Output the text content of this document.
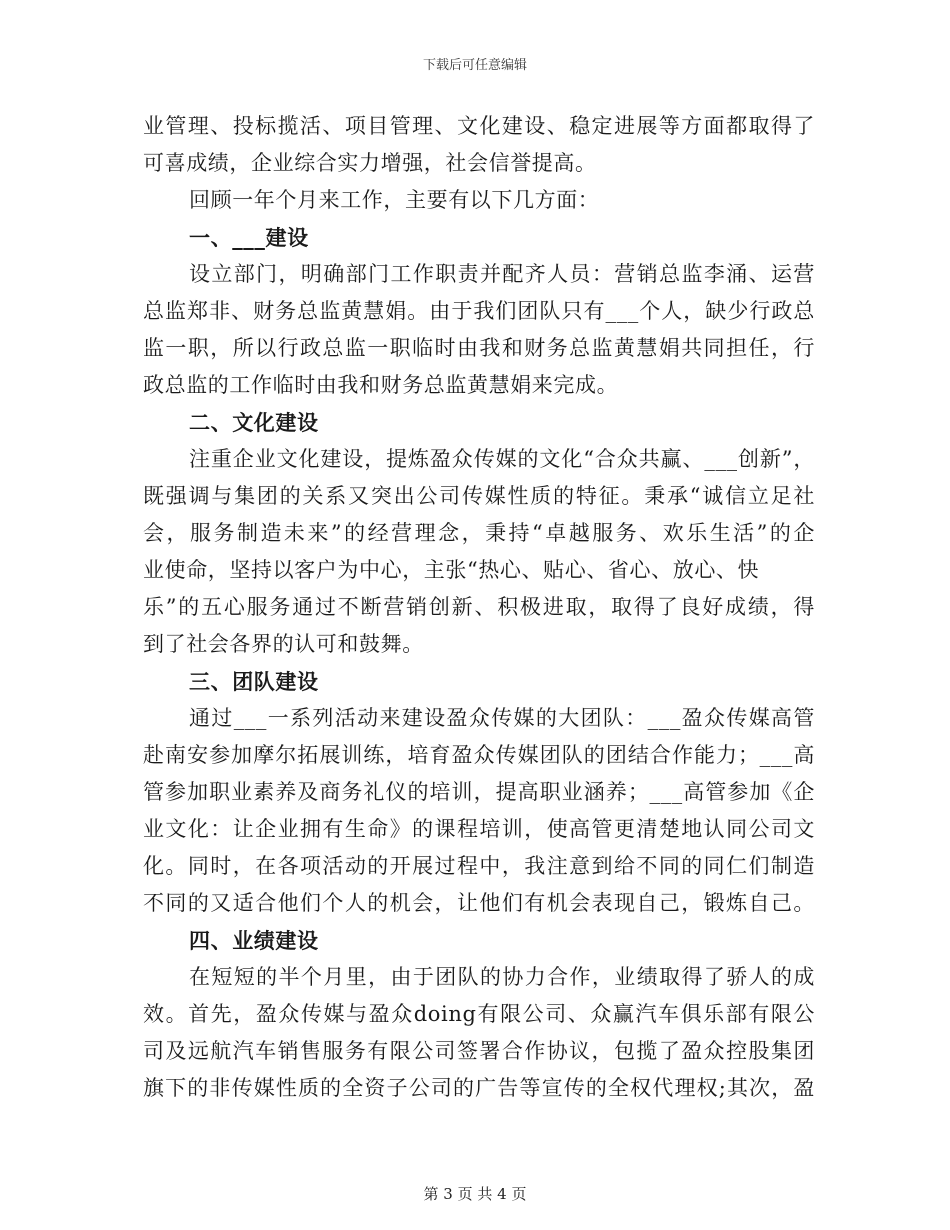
下载后可任意编辑
业管理、投标揽活、项目管理、文化建设、稳定进展等方面都取得了
可喜成绩，企业综合实力增强，社会信誉提高。
回顾一年个月来工作，主要有以下几方面：
一、___建设
设立部门，明确部门工作职责并配齐人员：营销总监李涌、运营
总监郑非、财务总监黄慧娟。由于我们团队只有___个人，缺少行政总
监一职，所以行政总监一职临时由我和财务总监黄慧娟共同担任，行
政总监的工作临时由我和财务总监黄慧娟来完成。
二、文化建设
注重企业文化建设，提炼盈众传媒的文化“合众共赢、___创新”，
既强调与集团的关系又突出公司传媒性质的特征。秉承“诚信立足社
会，服务制造未来”的经营理念，秉持“卓越服务、欢乐生活”的企
业使命，坚持以客户为中心，主张“热心、贴心、省心、放心、快
乐”的五心服务通过不断营销创新、积极进取，取得了良好成绩，得
到了社会各界的认可和鼓舞。
三、团队建设
通过___一系列活动来建设盈众传媒的大团队：___盈众传媒高管
赴南安参加摩尔拓展训练，培育盈众传媒团队的团结合作能力；___高
管参加职业素养及商务礼仪的培训，提高职业涵养；___高管参加《企
业文化：让企业拥有生命》的课程培训，使高管更清楚地认同公司文
化。同时，在各项活动的开展过程中，我注意到给不同的同仁们制造
不同的又适合他们个人的机会，让他们有机会表现自己，锻炼自己。
四、业绩建设
在短短的半个月里，由于团队的协力合作，业绩取得了骄人的成
效。首先，盈众传媒与盈众doing有限公司、众赢汽车俱乐部有限公
司及远航汽车销售服务有限公司签署合作协议，包揽了盈众控股集团
旗下的非传媒性质的全资子公司的广告等宣传的全权代理权;其次，盈
第 3 页 共 4 页
